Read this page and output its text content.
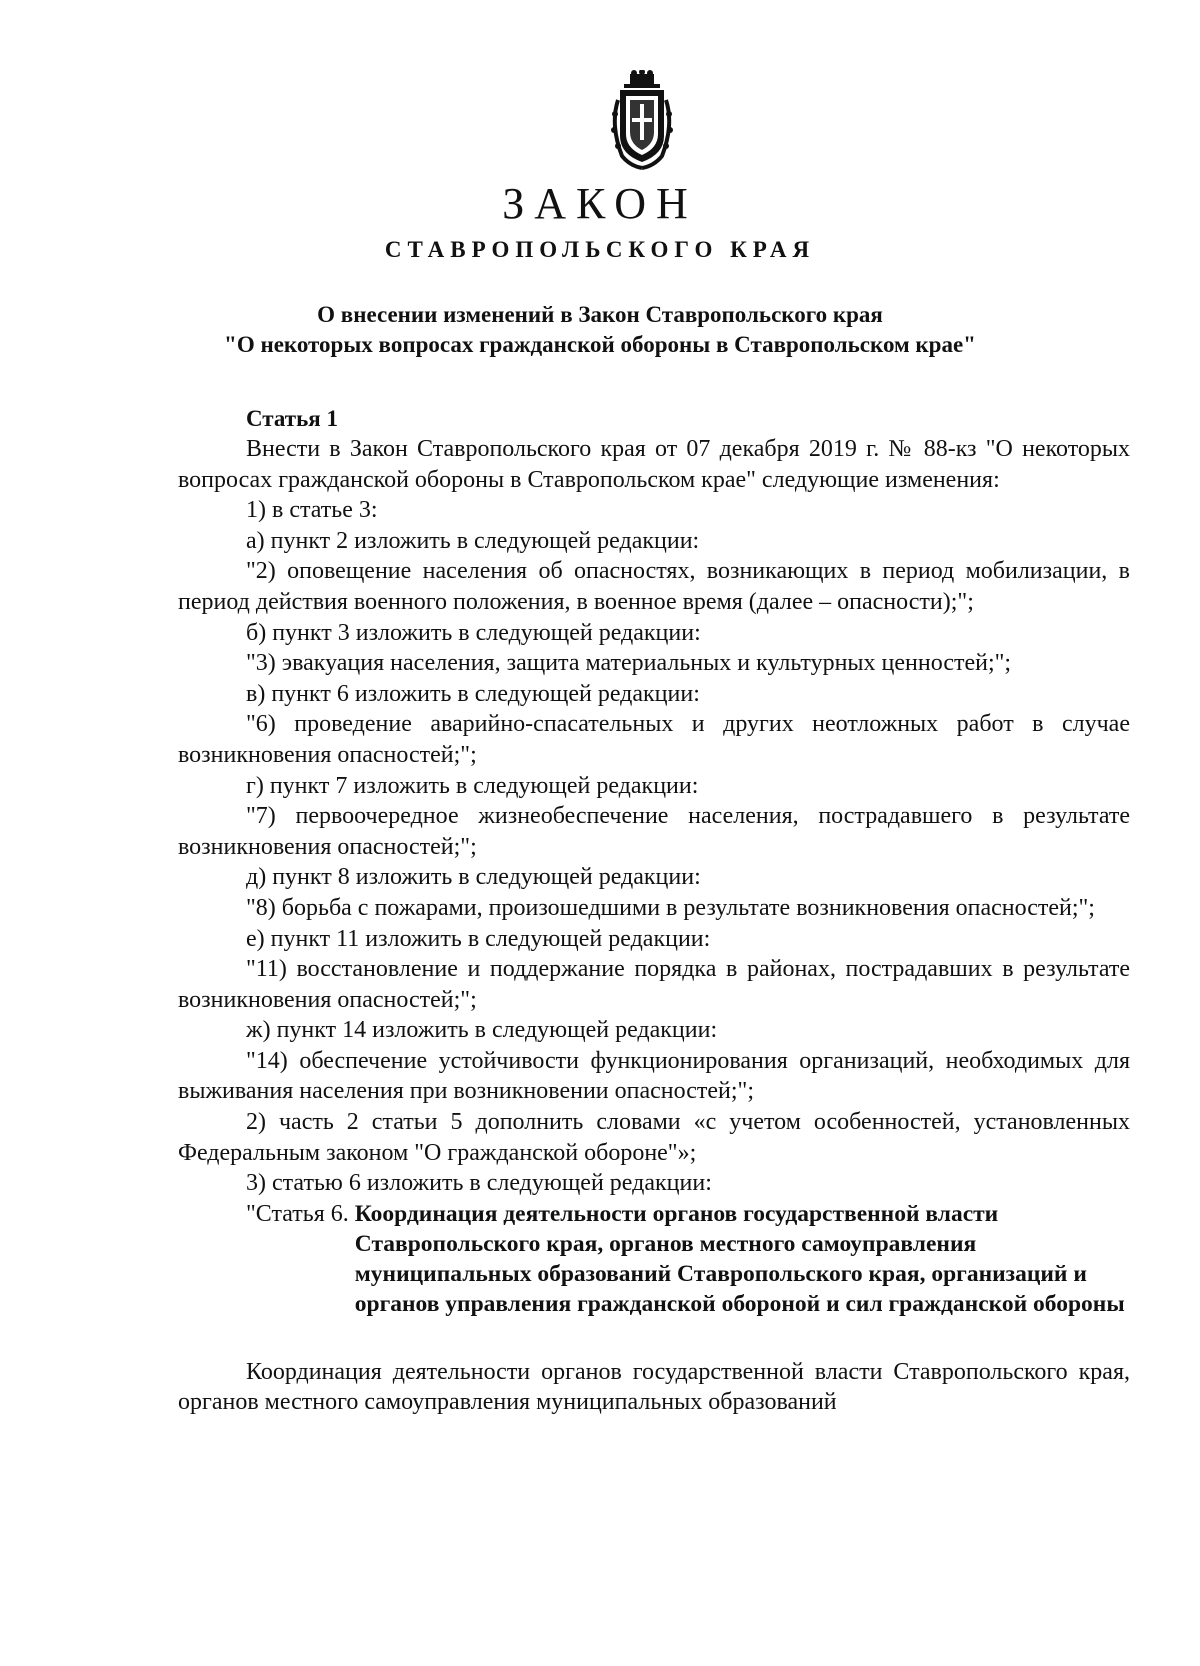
ЗАКОН
СТАВРОПОЛЬСКОГО КРАЯ
О внесении изменений в Закон Ставропольского края
"О некоторых вопросах гражданской обороны в Ставропольском крае"
Статья 1

Внести в Закон Ставропольского края от 07 декабря 2019 г. № 88-кз "О некоторых вопросах гражданской обороны в Ставропольском крае" следующие изменения:

1) в статье 3:

а) пункт 2 изложить в следующей редакции:

"2) оповещение населения об опасностях, возникающих в период мобилизации, в период действия военного положения, в военное время (далее – опасности);";

б) пункт 3 изложить в следующей редакции:

"3) эвакуация населения, защита материальных и культурных ценностей;";

в) пункт 6 изложить в следующей редакции:

"6) проведение аварийно-спасательных и других неотложных работ в случае возникновения опасностей;";

г) пункт 7 изложить в следующей редакции:

"7) первоочередное жизнеобеспечение населения, пострадавшего в результате возникновения опасностей;";

д) пункт 8 изложить в следующей редакции:

"8) борьба с пожарами, произошедшими в результате возникновения опасностей;";

е) пункт 11 изложить в следующей редакции:

"11) восстановление и поддержание порядка в районах, пострадавших в результате возникновения опасностей;";

ж) пункт 14 изложить в следующей редакции:

"14) обеспечение устойчивости функционирования организаций, необходимых для выживания населения при возникновении опасностей;";

2) часть 2 статьи 5 дополнить словами «с учетом особенностей, установленных Федеральным законом "О гражданской обороне"»;

3) статью 6 изложить в следующей редакции:

"Статья 6. Координация деятельности органов государственной власти Ставропольского края, органов местного самоуправления муниципальных образований Ставропольского края, организаций и органов управления гражданской обороной и сил гражданской обороны

Координация деятельности органов государственной власти Ставропольского края, органов местного самоуправления муниципальных образований
